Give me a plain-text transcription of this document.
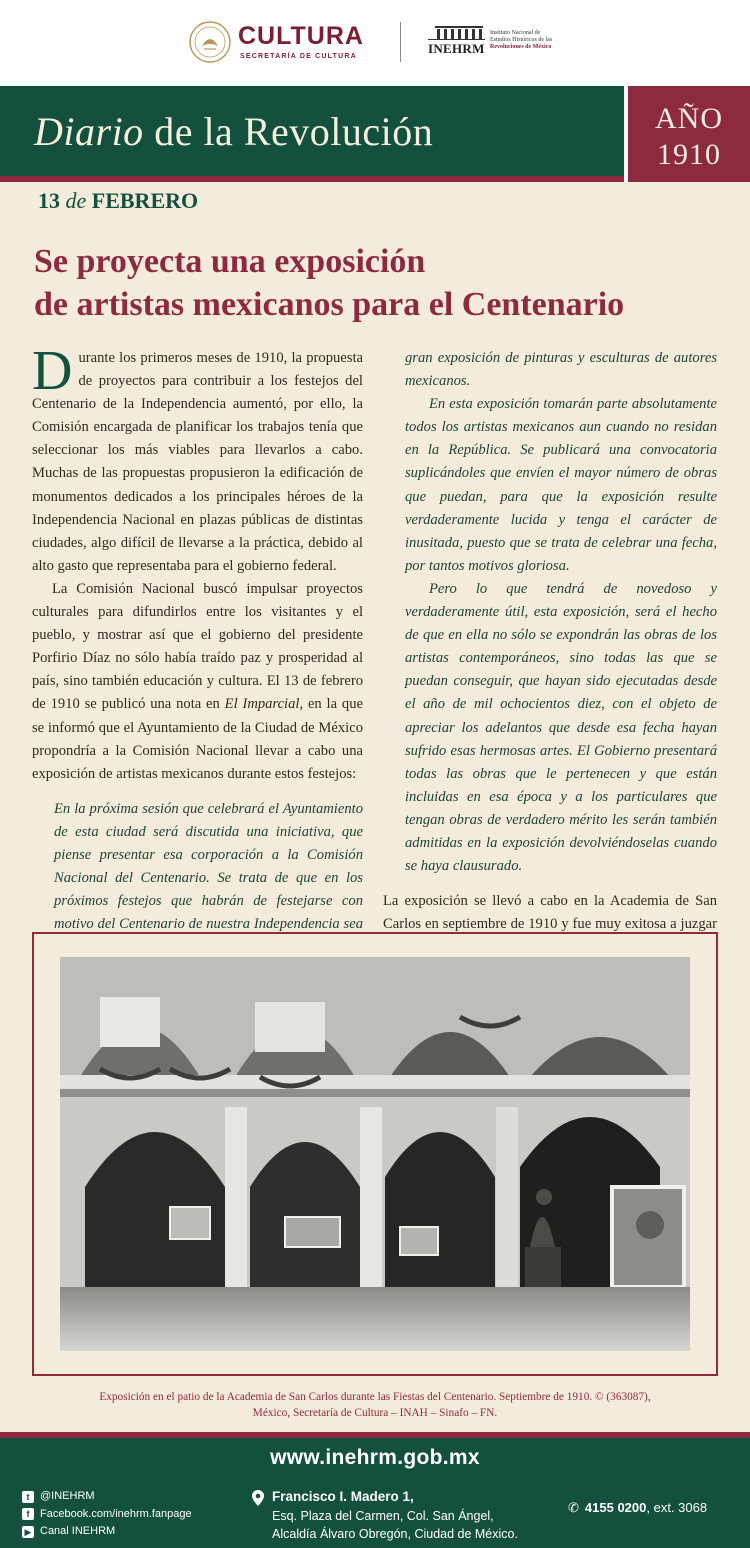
CULTURA
SECRETARÍA DE CULTURA
INEHRM
Instituto Nacional de
Estudios Históricos de las
Revoluciones de México
Diario de la Revolución	AÑO
1910
13 de FEBRERO
Se proyecta una exposición
de artistas mexicanos para el Centenario

Durante los primeros meses de 1910, la propuesta de proyectos para contribuir a los festejos del Centenario de la Independencia aumentó, por ello, la Comisión encargada de planificar los trabajos tenía que seleccionar los más viables para llevarlos a cabo. Muchas de las propuestas propusieron la edificación de monumentos dedicados a los principales héroes de la Independencia Nacional en plazas públicas de distintas ciudades, algo difícil de llevarse a la práctica, debido al alto gasto que representaba para el gobierno federal.

La Comisión Nacional buscó impulsar proyectos culturales para difundirlos entre los visitantes y el pueblo, y mostrar así que el gobierno del presidente Porfirio Díaz no sólo había traído paz y prosperidad al país, sino también educación y cultura. El 13 de febrero de 1910 se publicó una nota en El Imparcial, en la que se informó que el Ayuntamiento de la Ciudad de México propondría a la Comisión Nacional llevar a cabo una exposición de artistas mexicanos durante estos festejos:

En la próxima sesión que celebrará el Ayuntamiento de esta ciudad será discutida una iniciativa, que piense presentar esa corporación a la Comisión Nacional del Centenario. Se trata de que en los próximos festejos que habrán de festejarse con motivo del Centenario de nuestra Independencia sea

gran exposición de pinturas y esculturas de autores mexicanos.

En esta exposición tomarán parte absolutamente todos los artistas mexicanos aun cuando no residan en la República. Se publicará una convocatoria suplicándoles que envíen el mayor número de obras que puedan, para que la exposición resulte verdaderamente lucida y tenga el carácter de inusitada, puesto que se trata de celebrar una fecha, por tantos motivos gloriosa.

Pero lo que tendrá de novedoso y verdaderamente útil, esta exposición, será el hecho de que en ella no sólo se expondrán las obras de los artistas contemporáneos, sino todas las que se puedan conseguir, que hayan sido ejecutadas desde el año de mil ochocientos diez, con el objeto de apreciar los adelantos que desde esa fecha hayan sufrido esas hermosas artes. El Gobierno presentará todas las obras que le pertenecen y que están incluidas en esa época y a los particulares que tengan obras de verdadero mérito les serán también admitidas en la exposición devolviéndoselas cuando se haya clausurado.

La exposición se llevó a cabo en la Academia de San Carlos en septiembre de 1910 y fue muy exitosa a juzgar

Exposición en el patio de la Academia de San Carlos durante las Fiestas del Centenario. Septiembre de 1910. © (363087),
México, Secretaría de Cultura – INAH – Sinafo – FN.
www.inehrm.gob.mx
t @INEHRM
f Facebook.com/inehrm.fanpage
▶ Canal INEHRM
Francisco I. Madero 1,
Esq. Plaza del Carmen, Col. San Ángel,
Alcaldía Álvaro Obregón, Ciudad de México.
✆ 4155 0200, ext. 3068
